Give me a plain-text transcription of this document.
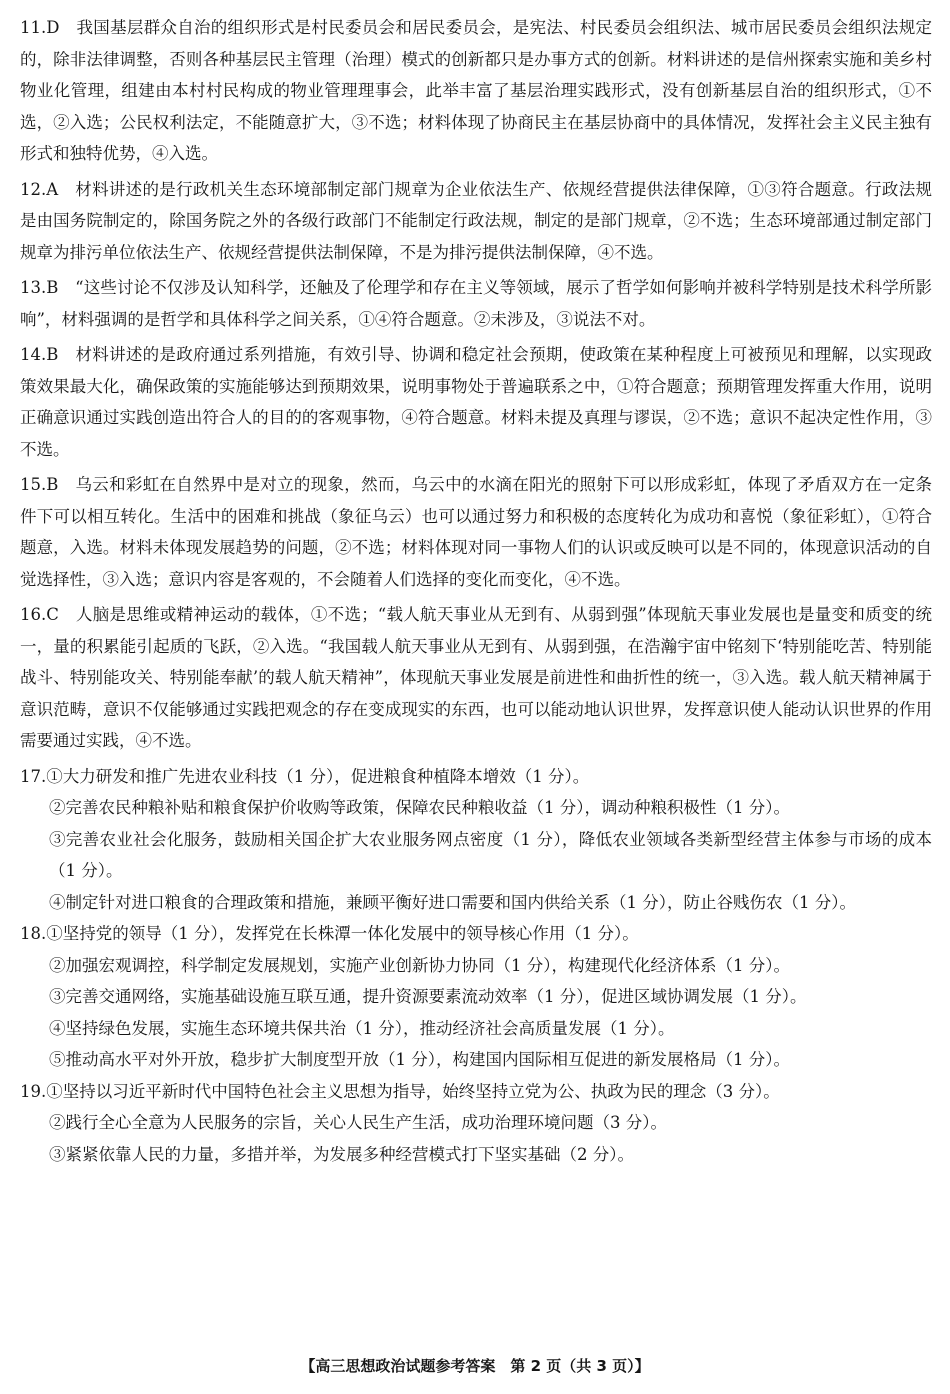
11.D　我国基层群众自治的组织形式是村民委员会和居民委员会，是宪法、村民委员会组织法、城市居民委员会组织法规定的，除非法律调整，否则各种基层民主管理（治理）模式的创新都只是办事方式的创新。材料讲述的是信州探索实施和美乡村物业化管理，组建由本村村民构成的物业管理理事会，此举丰富了基层治理实践形式，没有创新基层自治的组织形式，①不选，②入选；公民权利法定，不能随意扩大，③不选；材料体现了协商民主在基层协商中的具体情况，发挥社会主义民主独有形式和独特优势，④入选。

12.A　材料讲述的是行政机关生态环境部制定部门规章为企业依法生产、依规经营提供法律保障，①③符合题意。行政法规是由国务院制定的，除国务院之外的各级行政部门不能制定行政法规，制定的是部门规章，②不选；生态环境部通过制定部门规章为排污单位依法生产、依规经营提供法制保障，不是为排污提供法制保障，④不选。

13.B　“这些讨论不仅涉及认知科学，还触及了伦理学和存在主义等领域，展示了哲学如何影响并被科学特别是技术科学所影响”，材料强调的是哲学和具体科学之间关系，①④符合题意。②未涉及，③说法不对。

14.B　材料讲述的是政府通过系列措施，有效引导、协调和稳定社会预期，使政策在某种程度上可被预见和理解，以实现政策效果最大化，确保政策的实施能够达到预期效果，说明事物处于普遍联系之中，①符合题意；预期管理发挥重大作用，说明正确意识通过实践创造出符合人的目的的客观事物，④符合题意。材料未提及真理与谬误，②不选；意识不起决定性作用，③不选。

15.B　乌云和彩虹在自然界中是对立的现象，然而，乌云中的水滴在阳光的照射下可以形成彩虹，体现了矛盾双方在一定条件下可以相互转化。生活中的困难和挑战（象征乌云）也可以通过努力和积极的态度转化为成功和喜悦（象征彩虹），①符合题意，入选。材料未体现发展趋势的问题，②不选；材料体现对同一事物人们的认识或反映可以是不同的，体现意识活动的自觉选择性，③入选；意识内容是客观的，不会随着人们选择的变化而变化，④不选。

16.C　人脑是思维或精神运动的载体，①不选；“载人航天事业从无到有、从弱到强”体现航天事业发展也是量变和质变的统一，量的积累能引起质的飞跃，②入选。“我国载人航天事业从无到有、从弱到强，在浩瀚宇宙中铭刻下‘特别能吃苦、特别能战斗、特别能攻关、特别能奉献’的载人航天精神”，体现航天事业发展是前进性和曲折性的统一，③入选。载人航天精神属于意识范畴，意识不仅能够通过实践把观念的存在变成现实的东西，也可以能动地认识世界，发挥意识使人能动认识世界的作用需要通过实践，④不选。

17.①大力研发和推广先进农业科技（1 分），促进粮食种植降本增效（1 分）。
②完善农民种粮补贴和粮食保护价收购等政策，保障农民种粮收益（1 分），调动种粮积极性（1 分）。
③完善农业社会化服务，鼓励相关国企扩大农业服务网点密度（1 分），降低农业领域各类新型经营主体参与市场的成本（1 分）。
④制定针对进口粮食的合理政策和措施，兼顾平衡好进口需要和国内供给关系（1 分），防止谷贱伤农（1 分）。
18.①坚持党的领导（1 分），发挥党在长株潭一体化发展中的领导核心作用（1 分）。
②加强宏观调控，科学制定发展规划，实施产业创新协力协同（1 分），构建现代化经济体系（1 分）。
③完善交通网络，实施基础设施互联互通，提升资源要素流动效率（1 分），促进区域协调发展（1 分）。
④坚持绿色发展，实施生态环境共保共治（1 分），推动经济社会高质量发展（1 分）。
⑤推动高水平对外开放，稳步扩大制度型开放（1 分），构建国内国际相互促进的新发展格局（1 分）。
19.①坚持以习近平新时代中国特色社会主义思想为指导，始终坚持立党为公、执政为民的理念（3 分）。
②践行全心全意为人民服务的宗旨，关心人民生产生活，成功治理环境问题（3 分）。
③紧紧依靠人民的力量，多措并举，为发展多种经营模式打下坚实基础（2 分）。
【高三思想政治试题参考答案　第 2 页（共 3 页）】
